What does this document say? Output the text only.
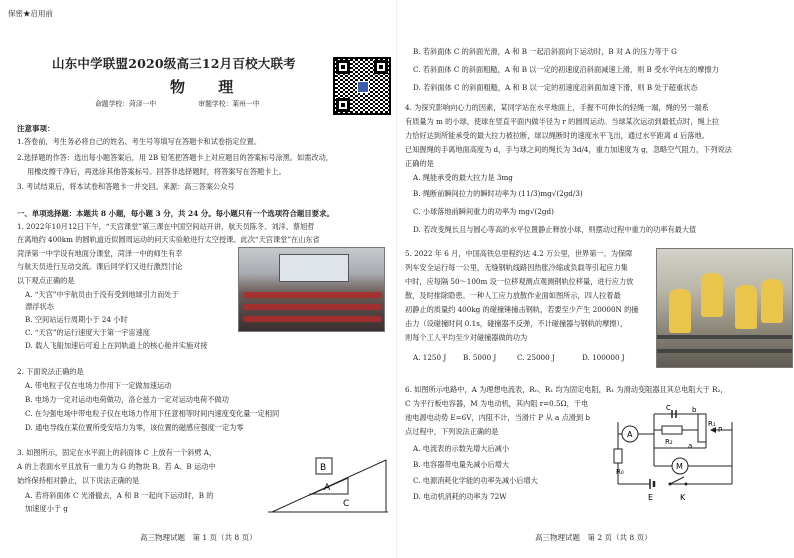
保密★启用前
山东中学联盟2020级高三12月百校大联考
物 理
命题学校：菏泽一中	审题学校：莱州一中
注意事项：
1.答卷前，考生务必将自己的姓名、考生号等填写在答题卡和试卷指定位置。
2.选择题的作答：选出每小题答案后，用 2B 铅笔把答题卡上对应题目的答案标号涂黑。如需改动，
用橡皮擦干净后，再选涂其他答案标号。回答非选择题时，将答案写在答题卡上。
3. 考试结束后，将本试卷和答题卡一并交回。来源：高三答案公众号
一、单项选择题：本题共 8 小题，每小题 3 分，共 24 分。每小题只有一个选项符合题目要求。
1. 2022年10月12日下午，“天宫课堂”第三课在中国空间站开讲，航天员陈冬、刘洋、蔡旭哲
在离地约 400km 的圆轨道近似圆周运动的问天实验舱进行太空授课。此次“天宫课堂”在山东省
菏泽第一中学设有地面分课堂，菏泽一中的师生有幸
与航天员进行互动交流。课后同学们又进行激烈讨论
以下观点正确的是
A. “天宫”中宇航员由于没有受到地球引力而处于
漂浮状态
B. 空间站运行周期小于 24 小时
C. “天宫”的运行速度大于第一宇宙速度
D. 载人飞船加速后可追上在同轨道上的核心舱并实施对接
2. 下面说法正确的是
A. 带电粒子仅在电场力作用下一定做加速运动
B. 电场力一定对运动电荷做功，洛仑兹力一定对运动电荷不做功
C. 在匀强电场中带电粒子仅在电场力作用下任意相等时间内速度变化量一定相同
D. 通电导线在某位置所受安培力为零，该位置的磁感应强度一定为零
3. 如图所示，固定在水平面上的斜面体 C 上放有一个斜劈 A，
A 的上表面水平且放有一重力为 G 的物块 B。若 A、B 运动中
始终保持相对静止，以下说法正确的是
A. 若将斜面体 C 光滑撤去，A 和 B 一起向下运动时，B 的
加速度小于 g
B
A
C
高三物理试题　第 1 页（共 8 页）
B. 若斜面体 C 的斜面光滑，A 和 B 一起沿斜面向下运动时，B 对 A 的压力等于 G
C. 若斜面体 C 的斜面粗糙，A 和 B 以一定的初速度沿斜面减速上滑，则 B 受水平向左的摩擦力
D. 若斜面体 C 的斜面粗糙，A 和 B 以一定的初速度沿斜面加速下滑，则 B 处于超重状态
4. 为探究影响向心力的因素，某同学站在水平地面上，手握不可伸长的轻绳一端，绳的另一端系
有质量为 m 的小球，使球在竖直平面内做半径为 r 的圆周运动。当球某次运动到最低点时，绳上拉
力恰好达到所能承受的最大拉力被拉断，球以绳断时的速度水平飞出，通过水平距离 d 后落地。
已知握绳的手离地面高度为 d，手与球之间的绳长为 3d/4，重力加速度为 g，忽略空气阻力，下列说法
正确的是
A. 绳能承受的最大拉力是 3mg
B. 绳断前瞬间拉力的瞬时功率为 (11/3)mg√(2gd/3)
C. 小球落地前瞬间重力的功率为 mg√(2gd)
D. 若改变绳长且与圆心等高的水平位置静止释放小球，则摆动过程中重力的功率有最大值
5. 2022 年 6 月，中国高铁总里程约达 4.2 万公里，世界第一。为保障
列车安全运行每一公里，无缝钢轨线路因热胀冷缩或负载等引起应力集
中时，应每隔 50～100m 设一位移观测点观测钢轨位移量，进行应力放
散，及时排除隐患。一种人工应力放散作业面如图所示，四人拉着最
初静止的质量约 400kg 的碰撞锤撞击钢轨，若要至少产生 20000N 的撞
击力（设碰撞时间 0.1s，碰撞器不反弹，不计碰撞器与钢轨的摩擦），
则每个工人平均至少对碰撞器做的功为
A. 1250 J B. 5000 J	C. 25000 J	D. 100000 J
6. 如图所示电路中，A 为理想电流表，R₀、R₁ 均为固定电阻，R₁ 为滑动变阻器且其总电阻大于 R₂，
C 为平行板电容器，M 为电动机，其内阻 r=0.5Ω，干电
池电源电动势 E=6V，内阻不计，当滑片 P 从 a 点滑到 b
点过程中，下列说法正确的是
A. 电流表的示数先增大后减小
B. 电容器带电量先减小后增大
C. 电源消耗化学能的功率先减小后增大
D. 电动机消耗的功率为 72W
A
R₀
C
R₂
b
a
R₁
P
M
E	K
高三物理试题　第 2 页（共 8 页）
